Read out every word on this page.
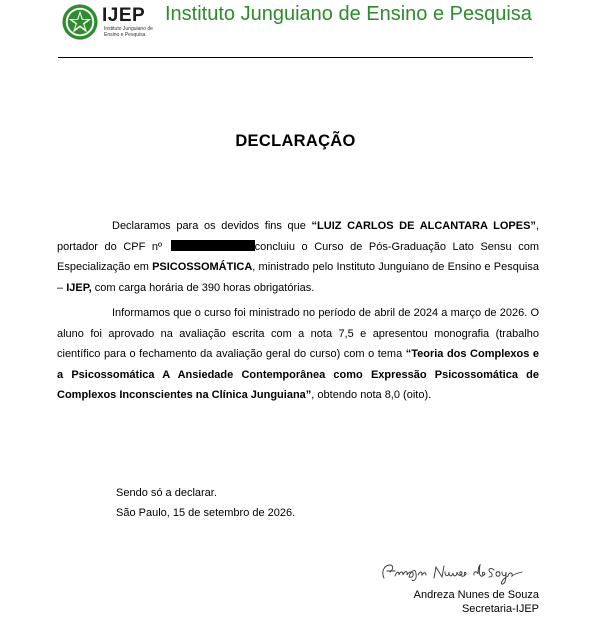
IJEP
Instituto Junguiano de Ensino e Pesquisa
Instituto Junguiano de Ensino e Pesquisa
DECLARAÇÃO
Declaramos para os devidos fins que “LUIZ CARLOS DE ALCANTARA LOPES”, portador do CPF nº	concluiu o Curso de Pós-Graduação Lato Sensu com Especialização em PSICOSSOMÁTICA, ministrado pelo Instituto Junguiano de Ensino e Pesquisa – IJEP, com carga horária de 390 horas obrigatórias.
Informamos que o curso foi ministrado no período de abril de 2024 a março de 2026. O aluno foi aprovado na avaliação escrita com a nota 7,5 e apresentou monografia (trabalho científico para o fechamento da avaliação geral do curso) com o tema “Teoria dos Complexos e a Psicossomática A Ansiedade Contemporânea como Expressão Psicossomática de Complexos Inconscientes na Clínica Junguiana”, obtendo nota 8,0 (oito).
Sendo só a declarar.
São Paulo, 15 de setembro de 2026.
Andreza Nunes de Souza
Secretaria-IJEP
